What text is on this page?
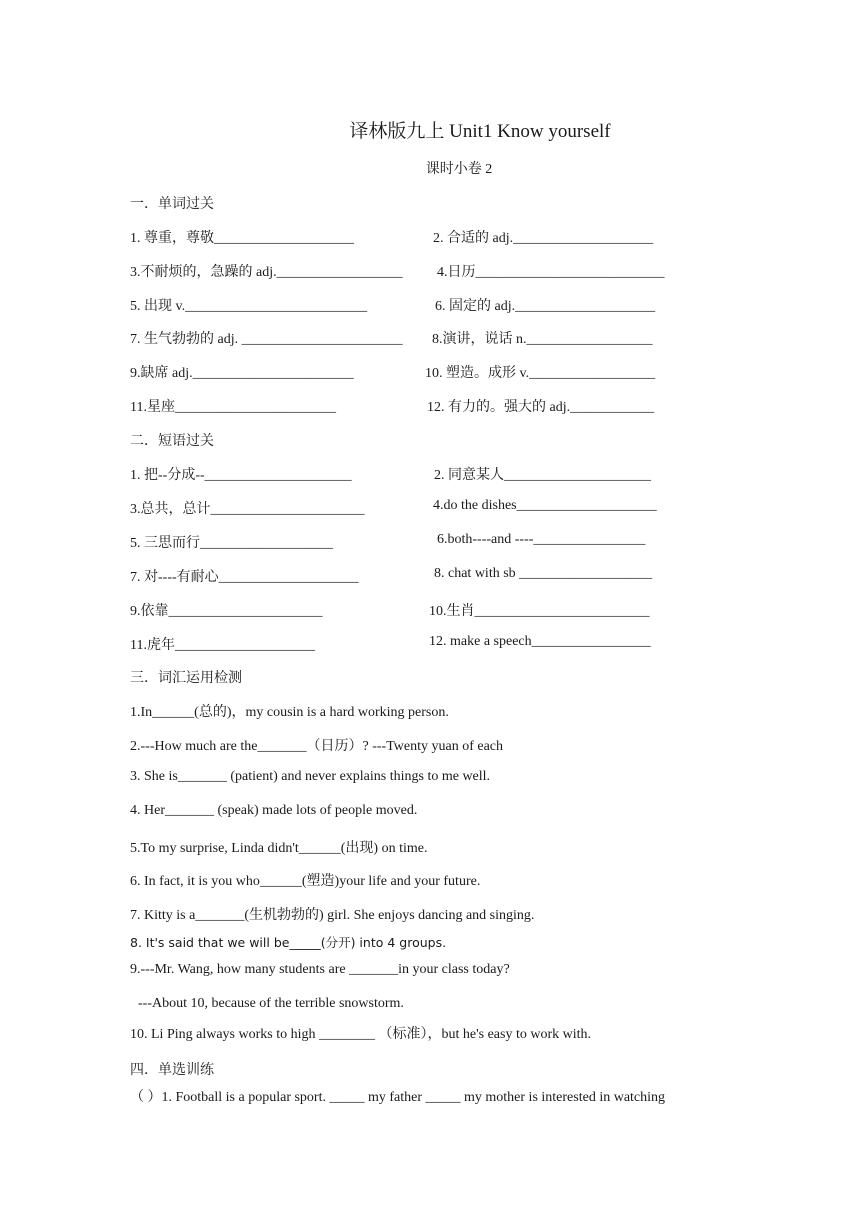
译林版九上 Unit1 Know yourself
课时小卷 2
一．单词过关
1. 尊重，尊敬____________________	2. 合适的 adj.____________________
3.不耐烦的，急躁的 adj.__________________ 4.日历___________________________
5. 出现 v.__________________________	6. 固定的 adj.____________________
7. 生气勃勃的 adj. _______________________ 8.演讲，说话 n.__________________
9.缺席 adj._______________________	10. 塑造。成形 v.__________________
11.星座_______________________	12. 有力的。强大的 adj.____________
二．短语过关
1. 把--分成--_____________________	2. 同意某人_____________________
3.总共，总计______________________	4.do the dishes____________________
5. 三思而行___________________	6.both----and ----________________
7. 对----有耐心____________________	8. chat with sb ___________________
9.依靠______________________	10.生肖_________________________
11.虎年____________________	12. make a speech_________________
三．词汇运用检测
1.In______(总的)，my cousin is a hard working person.
2.---How much are the_______（日历）? ---Twenty yuan of each
3. She is_______ (patient) and never explains things to me well.
4. Her_______ (speak) made lots of people moved.
5.To my surprise, Linda didn't______(出现) on time.
6. In fact, it is you who______(塑造)your life and your future.
7. Kitty is a_______(生机勃勃的) girl. She enjoys dancing and singing.
8. It's said that we will be_____(分开) into 4 groups.
9.---Mr. Wang, how many students are _______in your class today?
---About 10, because of the terrible snowstorm.
10. Li Ping always works to high ________ （标准），but he's easy to work with.
四．单选训练
（ ）1. Football is a popular sport. _____ my father _____ my mother is interested in watching
